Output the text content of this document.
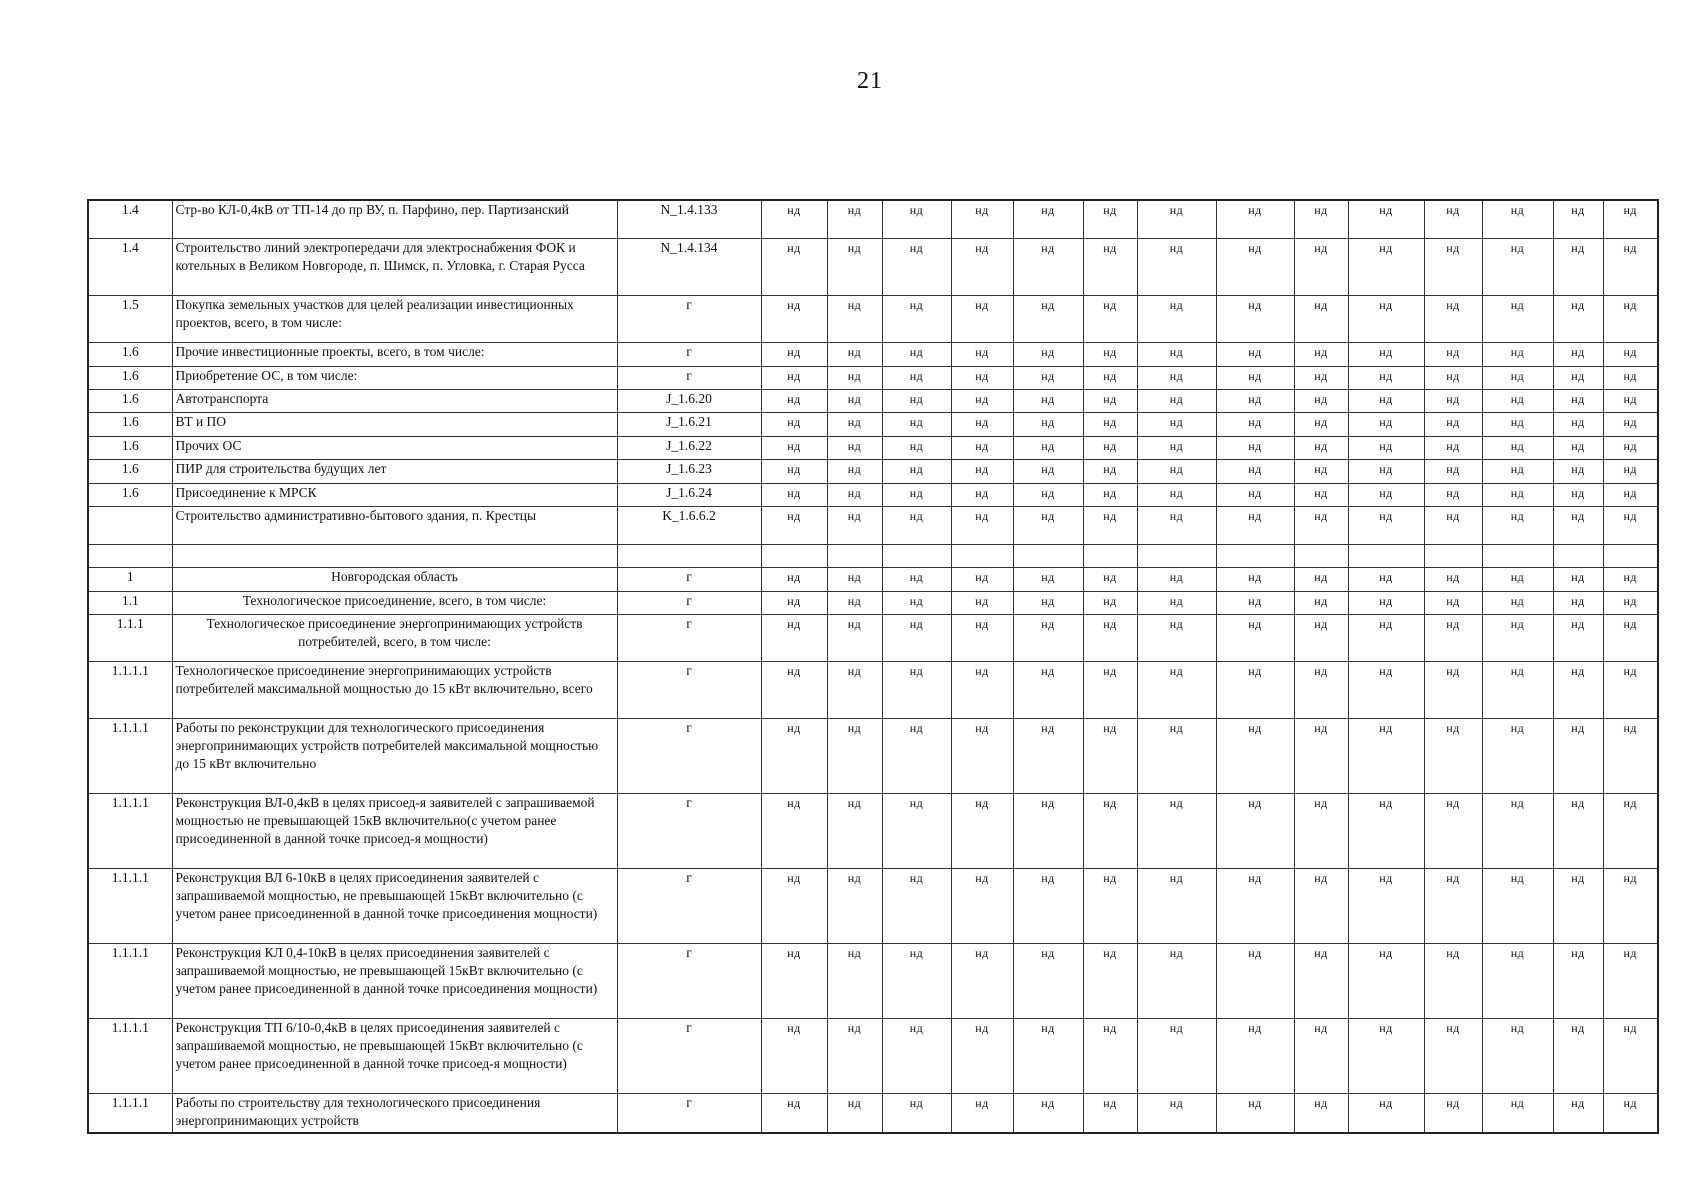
21
1.4	Стр-во КЛ-0,4кВ от ТП-14 до пр ВУ, п. Парфино, пер. Партизанский	N_1.4.133	нд	нд	нд	нд	нд	нд	нд	нд	нд	нд	нд	нд	нд	нд
1.4	Строительство линий электропередачи для электроснабжения ФОК и котельных в Великом Новгороде, п. Шимск, п. Угловка, г. Старая Русса	N_1.4.134	нд	нд	нд	нд	нд	нд	нд	нд	нд	нд	нд	нд	нд	нд
1.5	Покупка земельных участков для целей реализации инвестиционных проектов, всего, в том числе:	г	нд	нд	нд	нд	нд	нд	нд	нд	нд	нд	нд	нд	нд	нд
1.6	Прочие инвестиционные проекты, всего, в том числе:	г	нд	нд	нд	нд	нд	нд	нд	нд	нд	нд	нд	нд	нд	нд
1.6	Приобретение ОС, в том числе:	г	нд	нд	нд	нд	нд	нд	нд	нд	нд	нд	нд	нд	нд	нд
1.6	Автотранспорта	J_1.6.20	нд	нд	нд	нд	нд	нд	нд	нд	нд	нд	нд	нд	нд	нд
1.6	ВТ и ПО	J_1.6.21	нд	нд	нд	нд	нд	нд	нд	нд	нд	нд	нд	нд	нд	нд
1.6	Прочих ОС	J_1.6.22	нд	нд	нд	нд	нд	нд	нд	нд	нд	нд	нд	нд	нд	нд
1.6	ПИР для строительства будущих лет	J_1.6.23	нд	нд	нд	нд	нд	нд	нд	нд	нд	нд	нд	нд	нд	нд
1.6	Присоединение к МРСК	J_1.6.24	нд	нд	нд	нд	нд	нд	нд	нд	нд	нд	нд	нд	нд	нд
	Строительство административно-бытового здания, п. Крестцы	K_1.6.6.2	нд	нд	нд	нд	нд	нд	нд	нд	нд	нд	нд	нд	нд	нд

1	Новгородская область	г	нд	нд	нд	нд	нд	нд	нд	нд	нд	нд	нд	нд	нд	нд
1.1	Технологическое присоединение, всего, в том числе:	г	нд	нд	нд	нд	нд	нд	нд	нд	нд	нд	нд	нд	нд	нд
1.1.1	Технологическое присоединение энергопринимающих устройств потребителей, всего, в том числе:	г	нд	нд	нд	нд	нд	нд	нд	нд	нд	нд	нд	нд	нд	нд
1.1.1.1	Технологическое присоединение энергопринимающих устройств потребителей максимальной мощностью до 15 кВт включительно, всего	г	нд	нд	нд	нд	нд	нд	нд	нд	нд	нд	нд	нд	нд	нд
1.1.1.1	Работы по реконструкции для технологического присоединения энергопринимающих устройств потребителей максимальной мощностью до 15 кВт включительно	г	нд	нд	нд	нд	нд	нд	нд	нд	нд	нд	нд	нд	нд	нд
1.1.1.1	Реконструкция ВЛ-0,4кВ в целях присоед-я заявителей с запрашиваемой мощностью не превышающей 15кВ включительно(с учетом ранее присоединенной в данной точке присоед-я мощности)	г	нд	нд	нд	нд	нд	нд	нд	нд	нд	нд	нд	нд	нд	нд
1.1.1.1	Реконструкция ВЛ 6-10кВ в целях присоединения заявителей с запрашиваемой мощностью, не превышающей 15кВт включительно (с учетом ранее присоединенной в данной точке присоединения мощности)	г	нд	нд	нд	нд	нд	нд	нд	нд	нд	нд	нд	нд	нд	нд
1.1.1.1	Реконструкция КЛ 0,4-10кВ в целях присоединения заявителей с запрашиваемой мощностью, не превышающей 15кВт включительно (с учетом ранее присоединенной в данной точке присоединения мощности)	г	нд	нд	нд	нд	нд	нд	нд	нд	нд	нд	нд	нд	нд	нд
1.1.1.1	Реконструкция ТП 6/10-0,4кВ в целях присоединения заявителей с запрашиваемой мощностью, не превышающей 15кВт включительно (с учетом ранее присоединенной в данной точке присоед-я мощности)	г	нд	нд	нд	нд	нд	нд	нд	нд	нд	нд	нд	нд	нд	нд
1.1.1.1	Работы по строительству для технологического присоединения энергопринимающих устройств	г	нд	нд	нд	нд	нд	нд	нд	нд	нд	нд	нд	нд	нд	нд
